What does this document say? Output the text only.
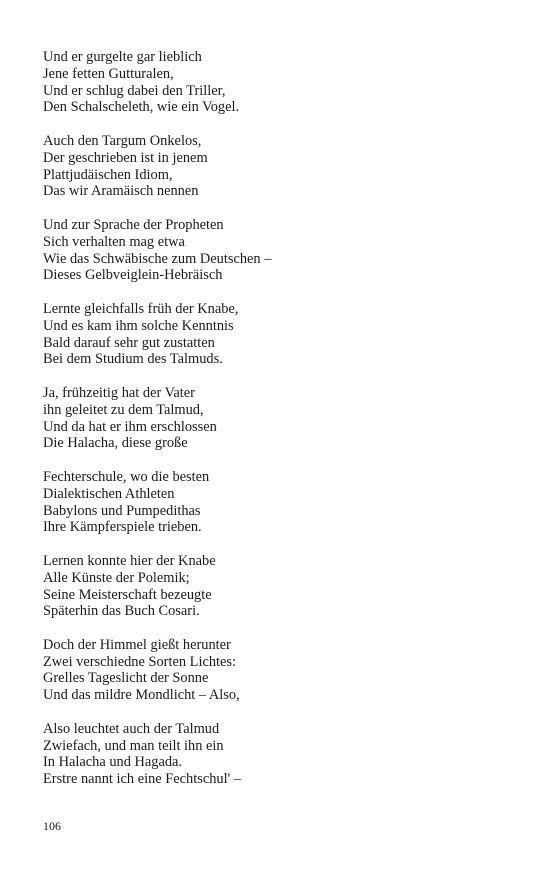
Und er gurgelte gar lieblich
Jene fetten Gutturalen,
Und er schlug dabei den Triller,
Den Schalscheleth, wie ein Vogel.
Auch den Targum Onkelos,
Der geschrieben ist in jenem
Plattjudäischen Idiom,
Das wir Aramäisch nennen
Und zur Sprache der Propheten
Sich verhalten mag etwa
Wie das Schwäbische zum Deutschen –
Dieses Gelbveiglein-Hebräisch
Lernte gleichfalls früh der Knabe,
Und es kam ihm solche Kenntnis
Bald darauf sehr gut zustatten
Bei dem Studium des Talmuds.
Ja, frühzeitig hat der Vater
ihn geleitet zu dem Talmud,
Und da hat er ihm erschlossen
Die Halacha, diese große
Fechterschule, wo die besten
Dialektischen Athleten
Babylons und Pumpedithas
Ihre Kämpferspiele trieben.
Lernen konnte hier der Knabe
Alle Künste der Polemik;
Seine Meisterschaft bezeugte
Späterhin das Buch Cosari.
Doch der Himmel gießt herunter
Zwei verschiedne Sorten Lichtes:
Grelles Tageslicht der Sonne
Und das mildre Mondlicht – Also,
Also leuchtet auch der Talmud
Zwiefach, und man teilt ihn ein
In Halacha und Hagada.
Erstre nannt ich eine Fechtschul' –
106
